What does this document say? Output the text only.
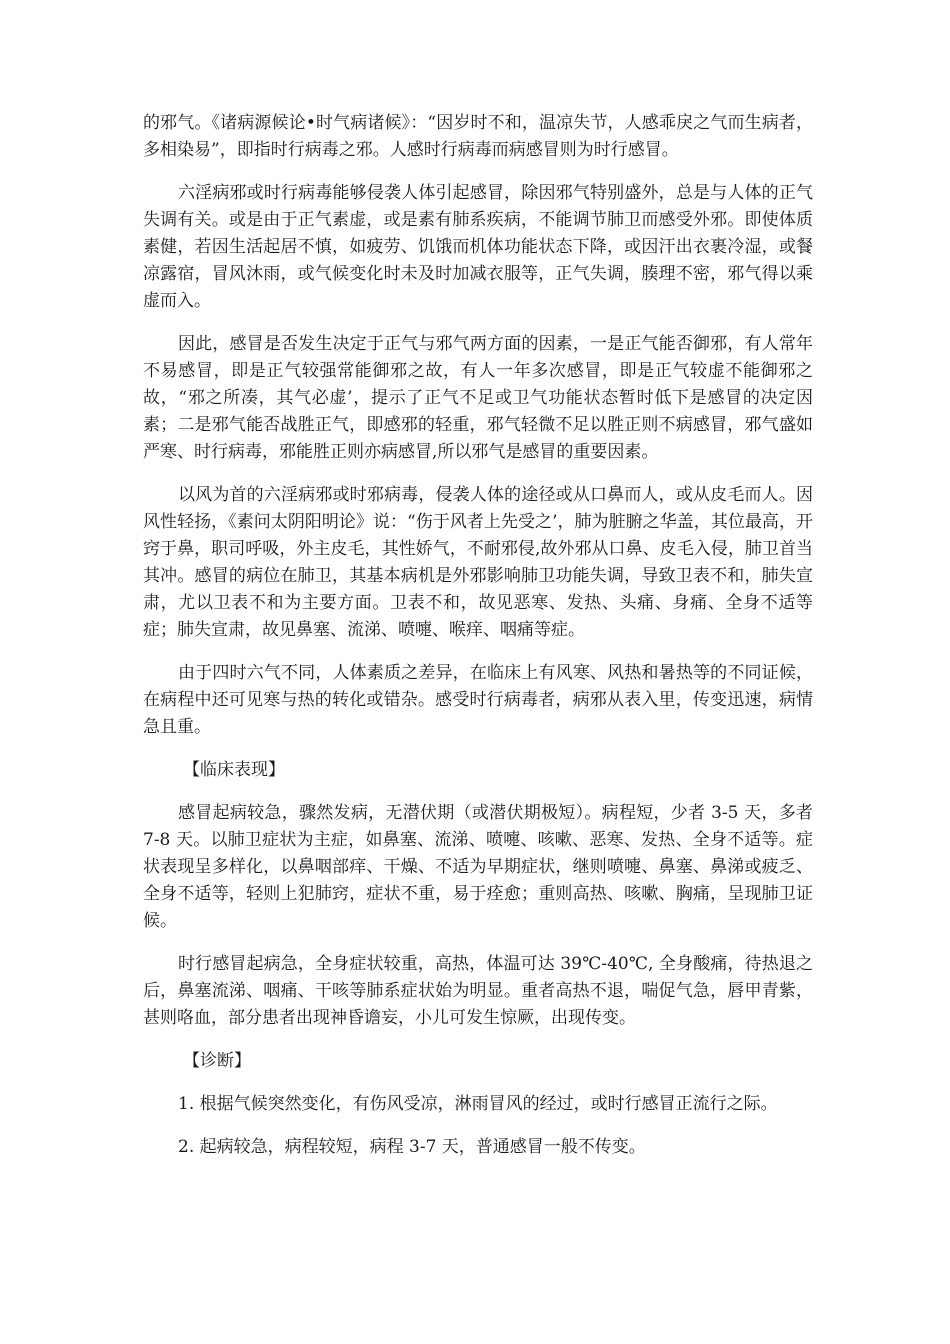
的邪气。《诸病源候论•时气病诸候》：“因岁时不和，温凉失节，人感乖戾之气而生病者，多相染易”，即指时行病毒之邪。人感时行病毒而病感冒则为时行感冒。

六淫病邪或时行病毒能够侵袭人体引起感冒，除因邪气特别盛外，总是与人体的正气失调有关。或是由于正气素虚，或是素有肺系疾病，不能调节肺卫而感受外邪。即使体质素健，若因生活起居不慎，如疲劳、饥饿而机体功能状态下降，或因汗出衣裹冷湿，或餐凉露宿，冒风沐雨，或气候变化时未及时加减衣服等，正气失调，腠理不密，邪气得以乘虚而入。

因此，感冒是否发生决定于正气与邪气两方面的因素，一是正气能否御邪，有人常年不易感冒，即是正气较强常能御邪之故，有人一年多次感冒，即是正气较虚不能御邪之故，“邪之所凑，其气必虚’，提示了正气不足或卫气功能状态暂时低下是感冒的决定因素；二是邪气能否战胜正气，即感邪的轻重，邪气轻微不足以胜正则不病感冒，邪气盛如严寒、时行病毒，邪能胜正则亦病感冒,所以邪气是感冒的重要因素。

以风为首的六淫病邪或时邪病毒，侵袭人体的途径或从口鼻而人，或从皮毛而人。因风性轻扬，《素问太阴阳明论》说：“伤于风者上先受之’，肺为脏腑之华盖，其位最高，开窍于鼻，职司呼吸，外主皮毛，其性娇气，不耐邪侵,故外邪从口鼻、皮毛入侵，肺卫首当其冲。感冒的病位在肺卫，其基本病机是外邪影响肺卫功能失调，导致卫表不和，肺失宣肃，尤以卫表不和为主要方面。卫表不和，故见恶寒、发热、头痛、身痛、全身不适等症；肺失宣肃，故见鼻塞、流涕、喷嚏、喉痒、咽痛等症。

由于四时六气不同，人体素质之差异，在临床上有风寒、风热和暑热等的不同证候，在病程中还可见寒与热的转化或错杂。感受时行病毒者，病邪从表入里，传变迅速，病情急且重。

【临床表现】

感冒起病较急，骤然发病，无潜伏期（或潜伏期极短）。病程短，少者 3-5 天，多者 7-8 天。以肺卫症状为主症，如鼻塞、流涕、喷嚏、咳嗽、恶寒、发热、全身不适等。症状表现呈多样化，以鼻咽部痒、干燥、不适为早期症状，继则喷嚏、鼻塞、鼻涕或疲乏、全身不适等，轻则上犯肺窍，症状不重，易于痊愈；重则高热、咳嗽、胸痛，呈现肺卫证候。

时行感冒起病急，全身症状较重，高热，体温可达 39℃-40℃, 全身酸痛，待热退之后，鼻塞流涕、咽痛、干咳等肺系症状始为明显。重者高热不退，喘促气急，唇甲青紫，甚则咯血，部分患者出现神昏谵妄，小儿可发生惊厥，出现传变。

【诊断】

1. 根据气候突然变化，有伤风受凉，淋雨冒风的经过，或时行感冒正流行之际。

2. 起病较急，病程较短，病程 3-7 天，普通感冒一般不传变。
